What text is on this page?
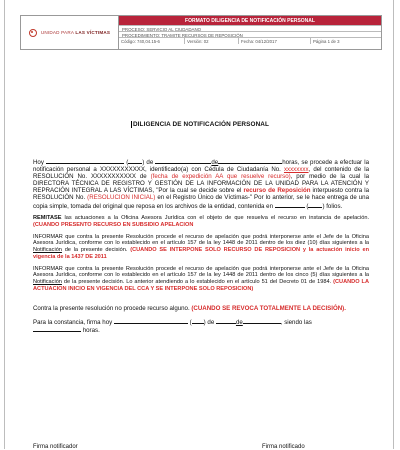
UNIDAD PARA LAS VÍCTIMAS
FORMATO DILIGENCIA DE NOTIFICACIÓN PERSONAL
PROCESO: SERVICIO AL CIUDADANO
PROCEDIMIENTO: TRAMITE RECURSOS DE REPOSICIÓN
Código: 740,04.15-6	Versión: 02	Fecha: 04/12/2017	Página 1 de 3
DILIGENCIA DE NOTIFICACIÓN PERSONAL

Hoy	( ) de	de	horas, se procede a efectuar la notificación personal a XXXXXXXXXXX, identificado(a) con Cédula de Ciudadanía No. xxxxxxxx, del contenido de la RESOLUCIÓN No. XXXXXXXXXXX de (fecha de expedición AA que resuelve recurso), por medio de la cual la DIRECTORA TÉCNICA DE REGISTRO Y GESTIÓN DE LA INFORMACIÓN DE LA UNIDAD PARA LA ATENCIÓN Y REPRACIÓN INTEGRAL A LAS VÍCTIMAS, "Por la cual se decide sobre el recurso de Reposición interpuesto contra la RESOLUCIÓN No. (RESOLUCION INICIAL) en el Registro Único de Víctimas-" Por lo anterior, se le hace entrega de una copia simple, tomada del original que reposa en los archivos de la entidad, contenida en	( ) folios.

REMITASE las actuaciones a la Oficina Asesora Jurídica con el objeto de que resuelva el recurso en instancia de apelación. (CUANDO PRESENTO RECURSO EN SUBSIDIO APELACION

INFORMAR que contra la presente Resolución procede el recurso de apelación que podrá interponerse ante el Jefe de la Oficina Asesora Jurídica, conforme con lo establecido en el artículo 157 de la ley 1448 de 2011 dentro de los diez (10) días siguientes a la Notificación de la presente decisión. (CUANDO SE INTERPONE SOLO RECURSO DE REPOSICION y la actuación inicio en vigencia de la 1437 DE 2011

INFORMAR que contra la presente Resolución procede el recurso de apelación que podrá interponerse ante el Jefe de la Oficina Asesora Jurídica, conforme con lo establecido en el artículo 157 de la ley 1448 de 2011 dentro de los cinco (5) días siguientes a la Notificación de la presente decisión. Lo anterior atendiendo a lo establecido en el artículo 51 del Decreto 01 de 1984. (CUANDO LA ACTUACION INICIO EN VIGENCIA DEL CCA Y SE INTERPONE SOLO REPOSICION)

Contra la presente resolución no procede recurso alguno. (CUANDO SE REVOCA TOTALMENTE LA DECISIÓN).

Para la constancia, firma hoy	( ) de	de	, siendo las
horas.

Firma notificador	Firma notificado
